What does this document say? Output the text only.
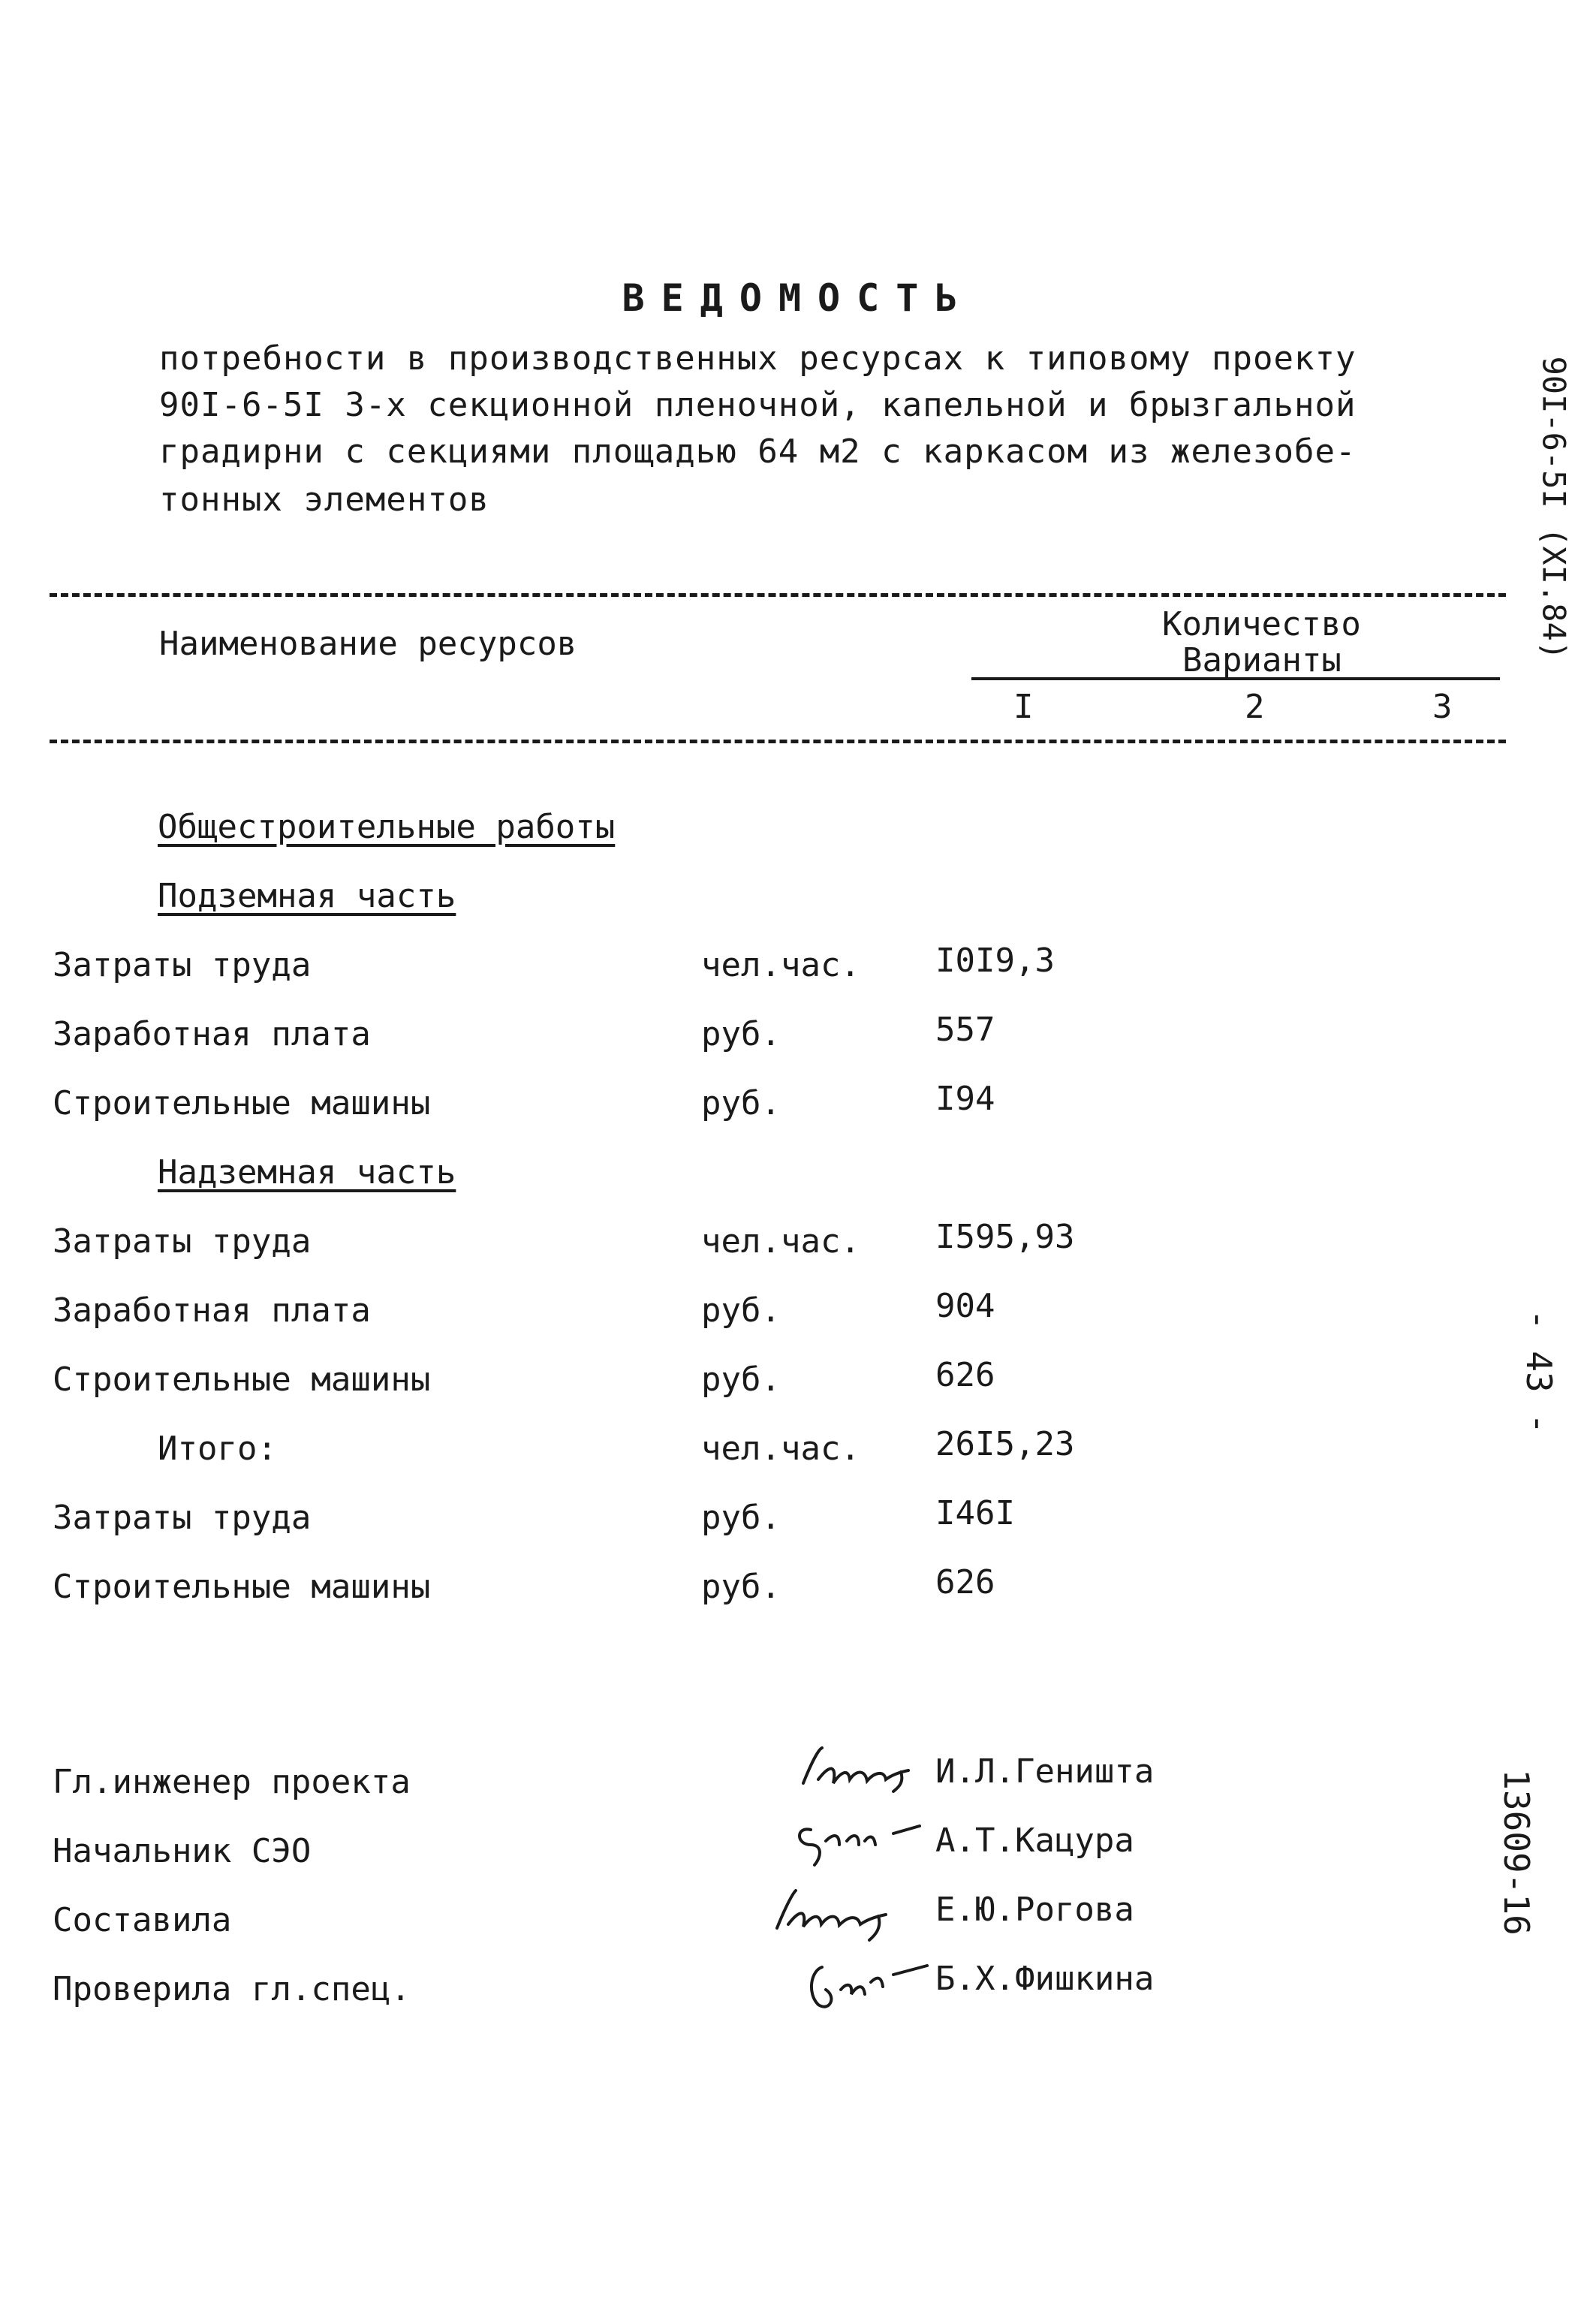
ВЕДОМОСТЬ
потребности в производственных ресурсах к типовому проекту
90I-6-5I 3-х секционной пленочной, капельной и брызгальной
градирни с секциями площадью 64 м2 с каркасом из железобе-
тонных элементов	90I-6-5I (XI.84)
- 43 -
13609-16
Наименование ресурсов
Количество
Варианты
I	2	3
Общестроительные работы
Подземная часть
Затраты труда	чел.час. I0I9,3
Заработная плата	руб.	557
Строительные машины	руб.	I94
Надземная часть
Затраты труда	чел.час. I595,93
Заработная плата	руб.	904
Строительные машины	руб.	626
Итого:	чел.час. 26I5,23
Затраты труда	руб.	I46I
Строительные машины	руб.	626
Гл.инженер проекта	И.Л.Геништа
Начальник СЭО	А.Т.Кацура
Составила	Е.Ю.Рогова
Проверила гл.спец.	Б.Х.Фишкина
